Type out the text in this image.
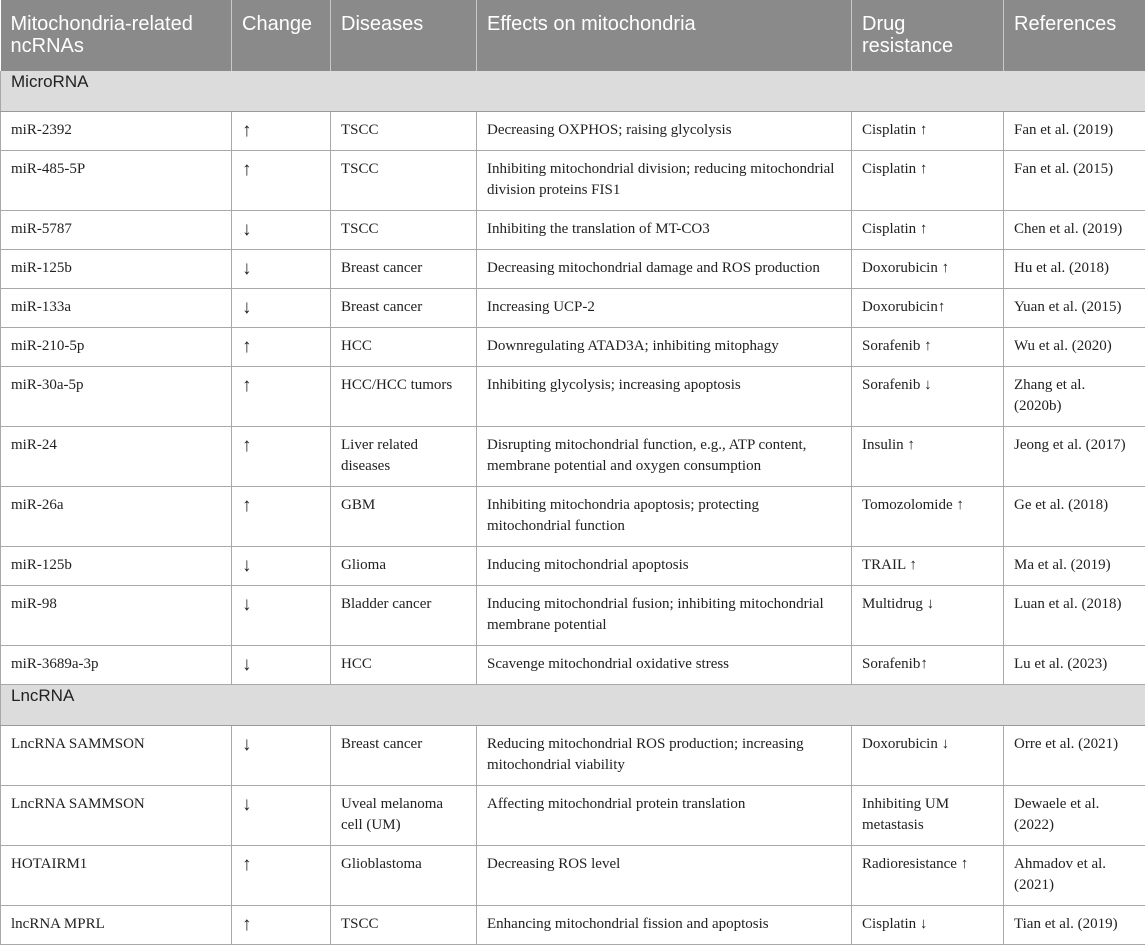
Mitochondria-related ncRNAs	Change	Diseases	Effects on mitochondria	Drug resistance	References
MicroRNA					
miR-2392	↑	TSCC	Decreasing OXPHOS; raising glycolysis	Cisplatin ↑	Fan et al. (2019)
miR-485-5P	↑	TSCC	Inhibiting mitochondrial division; reducing mitochondrial division proteins FIS1	Cisplatin ↑	Fan et al. (2015)
miR-5787	↓	TSCC	Inhibiting the translation of MT-CO3	Cisplatin ↑	Chen et al. (2019)
miR-125b	↓	Breast cancer	Decreasing mitochondrial damage and ROS production	Doxorubicin ↑	Hu et al. (2018)
miR-133a	↓	Breast cancer	Increasing UCP-2	Doxorubicin↑	Yuan et al. (2015)
miR-210-5p	↑	HCC	Downregulating ATAD3A; inhibiting mitophagy	Sorafenib ↑	Wu et al. (2020)
miR-30a-5p	↑	HCC/HCC tumors	Inhibiting glycolysis; increasing apoptosis	Sorafenib ↓	Zhang et al. (2020b)
miR-24	↑	Liver related diseases	Disrupting mitochondrial function, e.g., ATP content, membrane potential and oxygen consumption	Insulin ↑	Jeong et al. (2017)
miR-26a	↑	GBM	Inhibiting mitochondria apoptosis; protecting mitochondrial function	Tomozolomide ↑	Ge et al. (2018)
miR-125b	↓	Glioma	Inducing mitochondrial apoptosis	TRAIL ↑	Ma et al. (2019)
miR-98	↓	Bladder cancer	Inducing mitochondrial fusion; inhibiting mitochondrial membrane potential	Multidrug ↓	Luan et al. (2018)
miR-3689a-3p	↓	HCC	Scavenge mitochondrial oxidative stress	Sorafenib↑	Lu et al. (2023)
LncRNA					
LncRNA SAMMSON	↓	Breast cancer	Reducing mitochondrial ROS production; increasing mitochondrial viability	Doxorubicin ↓	Orre et al. (2021)
LncRNA SAMMSON	↓	Uveal melanoma cell (UM)	Affecting mitochondrial protein translation	Inhibiting UM metastasis	Dewaele et al. (2022)
HOTAIRM1	↑	Glioblastoma	Decreasing ROS level	Radioresistance ↑	Ahmadov et al. (2021)
lncRNA MPRL	↑	TSCC	Enhancing mitochondrial fission and apoptosis	Cisplatin ↓	Tian et al. (2019)
